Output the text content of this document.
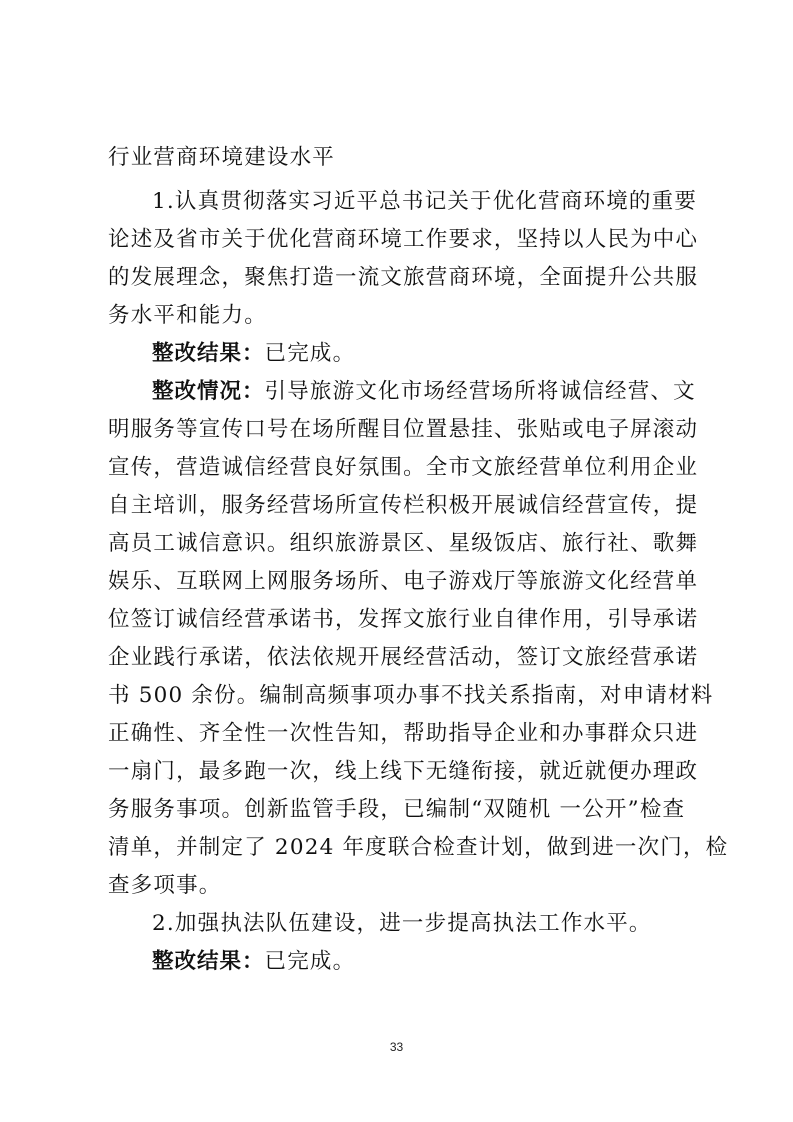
行业营商环境建设水平
1.认真贯彻落实习近平总书记关于优化营商环境的重要
论述及省市关于优化营商环境工作要求，坚持以人民为中心
的发展理念，聚焦打造一流文旅营商环境，全面提升公共服
务水平和能力。
整改结果：已完成。
整改情况：引导旅游文化市场经营场所将诚信经营、文
明服务等宣传口号在场所醒目位置悬挂、张贴或电子屏滚动
宣传，营造诚信经营良好氛围。全市文旅经营单位利用企业
自主培训，服务经营场所宣传栏积极开展诚信经营宣传，提
高员工诚信意识。组织旅游景区、星级饭店、旅行社、歌舞
娱乐、互联网上网服务场所、电子游戏厅等旅游文化经营单
位签订诚信经营承诺书，发挥文旅行业自律作用，引导承诺
企业践行承诺，依法依规开展经营活动，签订文旅经营承诺
书 500 余份。编制高频事项办事不找关系指南，对申请材料
正确性、齐全性一次性告知，帮助指导企业和办事群众只进
一扇门，最多跑一次，线上线下无缝衔接，就近就便办理政
务服务事项。创新监管手段，已编制“双随机 一公开”检查
清单，并制定了 2024 年度联合检查计划，做到进一次门，检
查多项事。
2.加强执法队伍建设，进一步提高执法工作水平。
整改结果：已完成。
33
